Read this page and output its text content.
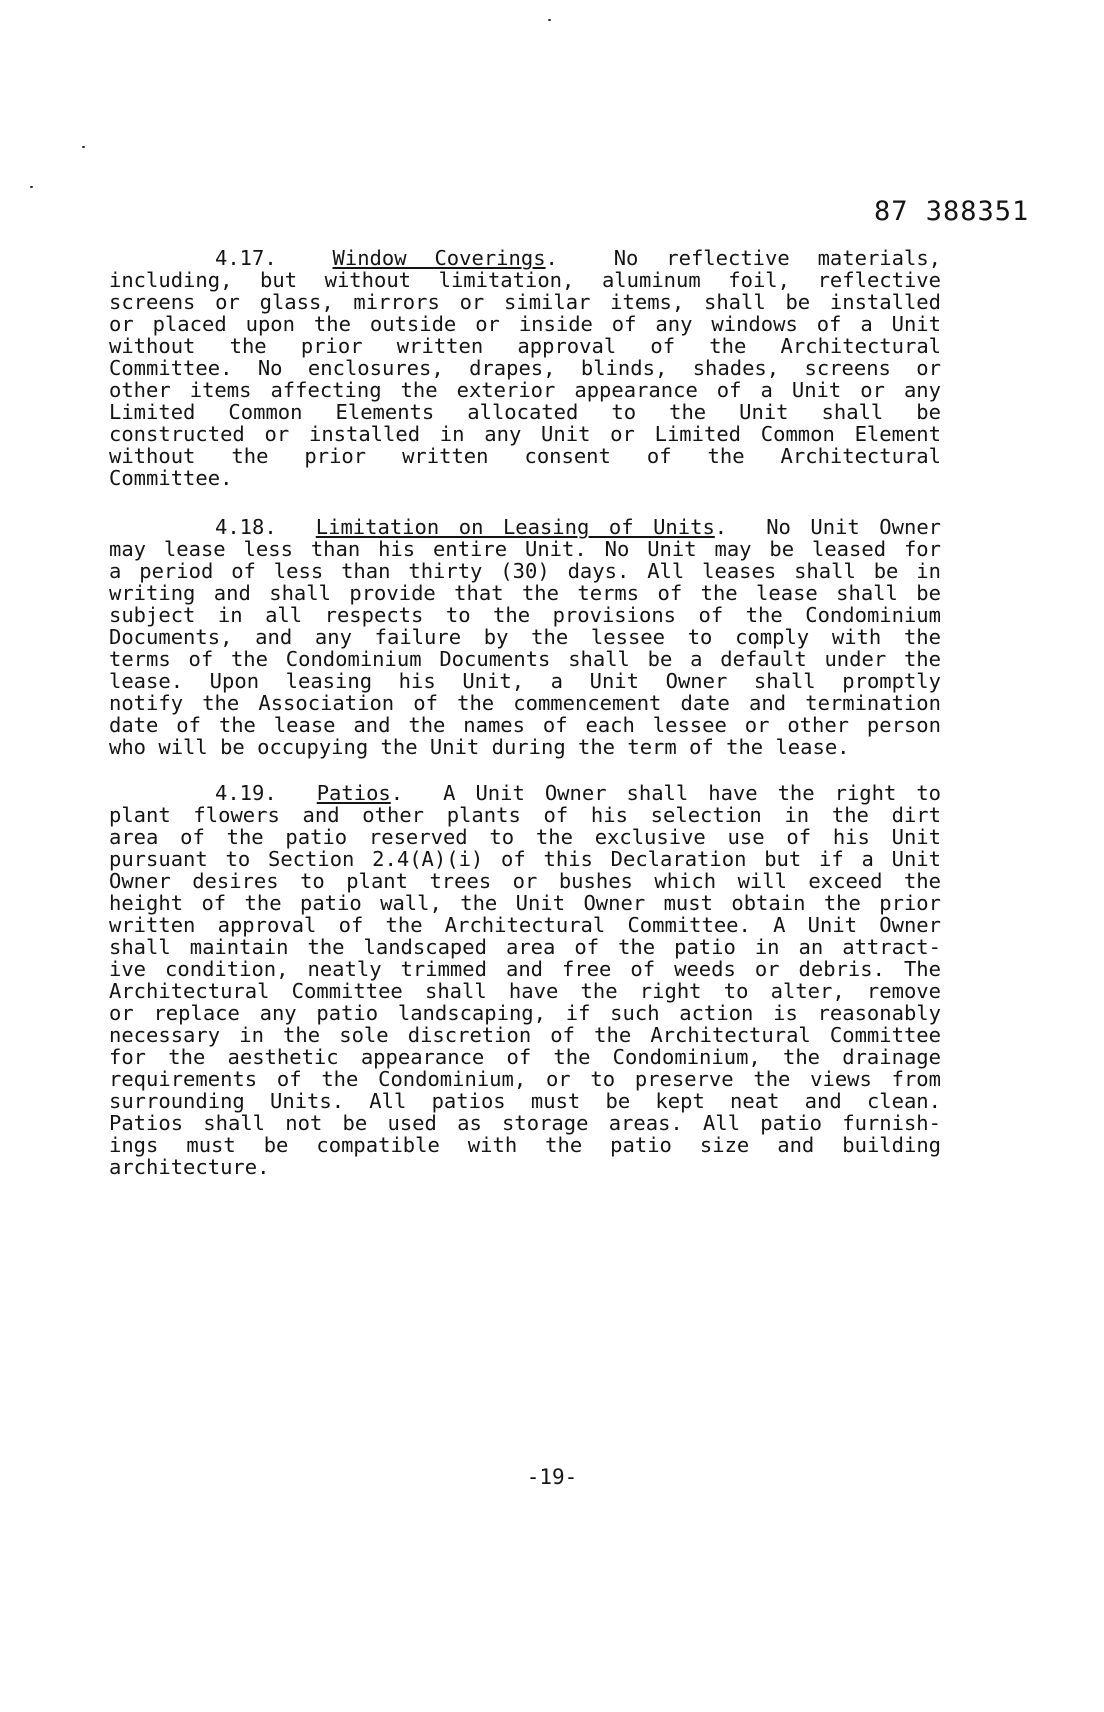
87 388351
4.17.	Window Coverings.  No reflective materials,
including, but without limitation, aluminum foil, reflective
screens or glass, mirrors or similar items, shall be installed
or placed upon the outside or inside of any windows of a Unit
without the prior written approval of the Architectural
Committee. No enclosures, drapes, blinds, shades, screens or
other items affecting the exterior appearance of a Unit or any
Limited Common Elements allocated to the Unit shall be
constructed or installed in any Unit or Limited Common Element
without the prior written consent of the Architectural
Committee.
4.18. Limitation on Leasing of Units.  No Unit Owner
may lease less than his entire Unit. No Unit may be leased for
a period of less than thirty (30) days. All leases shall be in
writing and shall provide that the terms of the lease shall be
subject in all respects to the provisions of the Condominium
Documents, and any failure by the lessee to comply with the
terms of the Condominium Documents shall be a default under the
lease. Upon leasing his Unit, a Unit Owner shall promptly
notify the Association of the commencement date and termination
date of the lease and the names of each lessee or other person
who will be occupying the Unit during the term of the lease.
4.19. Patios.  A Unit Owner shall have the right to
plant flowers and other plants of his selection in the dirt
area of the patio reserved to the exclusive use of his Unit
pursuant to Section 2.4(A)(i) of this Declaration but if a Unit
Owner desires to plant trees or bushes which will exceed the
height of the patio wall, the Unit Owner must obtain the prior
written approval of the Architectural Committee. A Unit Owner
shall maintain the landscaped area of the patio in an attract-
ive condition, neatly trimmed and free of weeds or debris. The
Architectural Committee shall have the right to alter, remove
or replace any patio landscaping, if such action is reasonably
necessary in the sole discretion of the Architectural Committee
for the aesthetic appearance of the Condominium, the drainage
requirements of the Condominium, or to preserve the views from
surrounding Units. All patios must be kept neat and clean.
Patios shall not be used as storage areas. All patio furnish-
ings must be compatible with the patio size and building
architecture.
-19-
